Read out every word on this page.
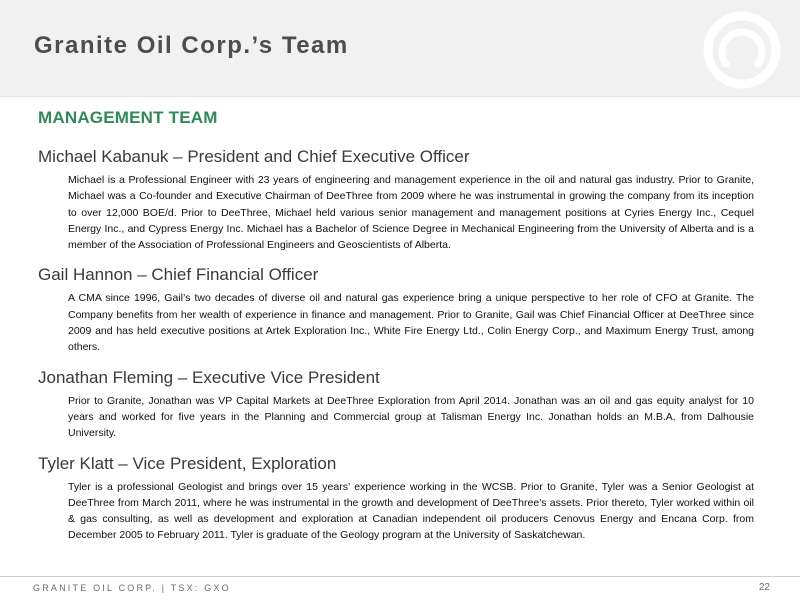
Granite Oil Corp.’s Team
MANAGEMENT TEAM
Michael Kabanuk – President and Chief Executive Officer

Michael is a Professional Engineer with 23 years of engineering and management experience in the oil and natural gas industry. Prior to Granite, Michael was a Co-founder and Executive Chairman of DeeThree from 2009 where he was instrumental in growing the company from its inception to over 12,000 BOE/d. Prior to DeeThree, Michael held various senior management and management positions at Cyries Energy Inc., Cequel Energy Inc., and Cypress Energy Inc. Michael has a Bachelor of Science Degree in Mechanical Engineering from the University of Alberta and is a member of the Association of Professional Engineers and Geoscientists of Alberta.

Gail Hannon – Chief Financial Officer

A CMA since 1996, Gail’s two decades of diverse oil and natural gas experience bring a unique perspective to her role of CFO at Granite. The Company benefits from her wealth of experience in finance and management. Prior to Granite, Gail was Chief Financial Officer at DeeThree since 2009 and has held executive positions at Artek Exploration Inc., White Fire Energy Ltd., Colin Energy Corp., and Maximum Energy Trust, among others.

Jonathan Fleming – Executive Vice President

Prior to Granite, Jonathan was VP Capital Markets at DeeThree Exploration from April 2014. Jonathan was an oil and gas equity analyst for 10 years and worked for five years in the Planning and Commercial group at Talisman Energy Inc. Jonathan holds an M.B.A. from Dalhousie University.

Tyler Klatt – Vice President, Exploration

Tyler is a professional Geologist and brings over 15 years’ experience working in the WCSB. Prior to Granite, Tyler was a Senior Geologist at DeeThree from March 2011, where he was instrumental in the growth and development of DeeThree’s assets. Prior thereto, Tyler worked within oil & gas consulting, as well as development and exploration at Canadian independent oil producers Cenovus Energy and Encana Corp. from December 2005 to February 2011. Tyler is graduate of the Geology program at the University of Saskatchewan.

GRANITE OIL CORP. | TSX: GXO	22
